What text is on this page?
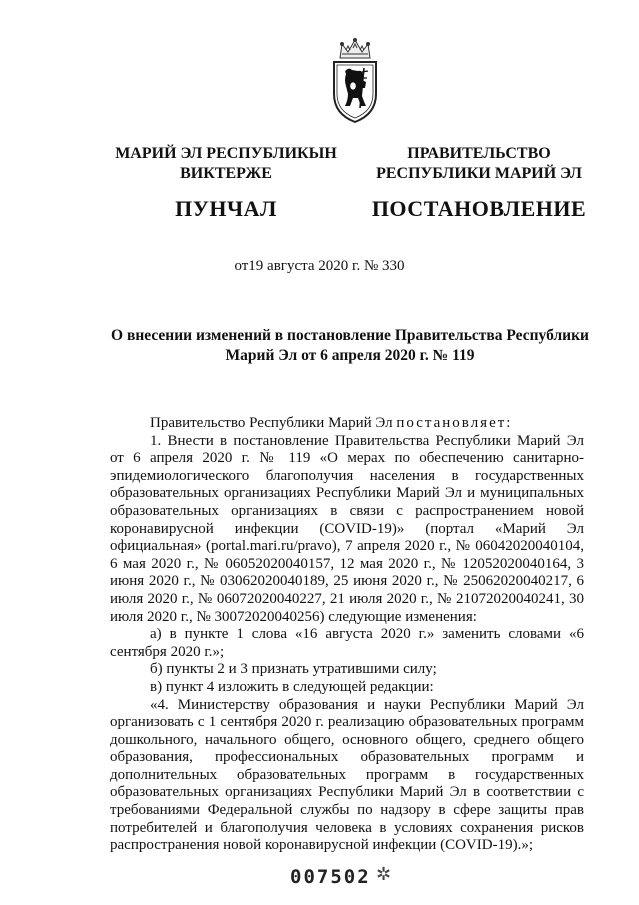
МАРИЙ ЭЛ РЕСПУБЛИКЫН
ВИКТЕРЖЕ
ПУНЧАЛ
ПРАВИТЕЛЬСТВО
РЕСПУБЛИКИ МАРИЙ ЭЛ
ПОСТАНОВЛЕНИЕ
от19 августа 2020 г. № 330
О внесении изменений в постановление Правительства Республики
Марий Эл от 6 апреля 2020 г. № 119

Правительство Республики Марий Эл постановляет:

1. Внести в постановление Правительства Республики Марий Эл от 6 апреля 2020 г. № 119 «О мерах по обеспечению санитарно-эпидемиологического благополучия населения в государственных образовательных организациях Республики Марий Эл и муниципальных образовательных организациях в связи с распространением новой коронавирусной инфекции (COVID-19)» (портал «Марий Эл официальная» (portal.mari.ru/pravo), 7 апреля 2020 г., № 06042020040104, 6 мая 2020 г., № 06052020040157, 12 мая 2020 г., № 12052020040164, 3 июня 2020 г., № 03062020040189, 25 июня 2020 г., № 25062020040217, 6 июля 2020 г., № 06072020040227, 21 июля 2020 г., № 21072020040241, 30 июля 2020 г., № 30072020040256) следующие изменения:

а) в пункте 1 слова «16 августа 2020 г.» заменить словами «6 сентября 2020 г.»;

б) пункты 2 и 3 признать утратившими силу;

в) пункт 4 изложить в следующей редакции:

«4. Министерству образования и науки Республики Марий Эл организовать с 1 сентября 2020 г. реализацию образовательных программ дошкольного, начального общего, основного общего, среднего общего образования, профессиональных образовательных программ и дополнительных образовательных программ в государственных образовательных организациях Республики Марий Эл в соответствии с требованиями Федеральной службы по надзору в сфере защиты прав потребителей и благополучия человека в условиях сохранения рисков распространения новой коронавирусной инфекции (COVID-19).»;

007502 ✲
